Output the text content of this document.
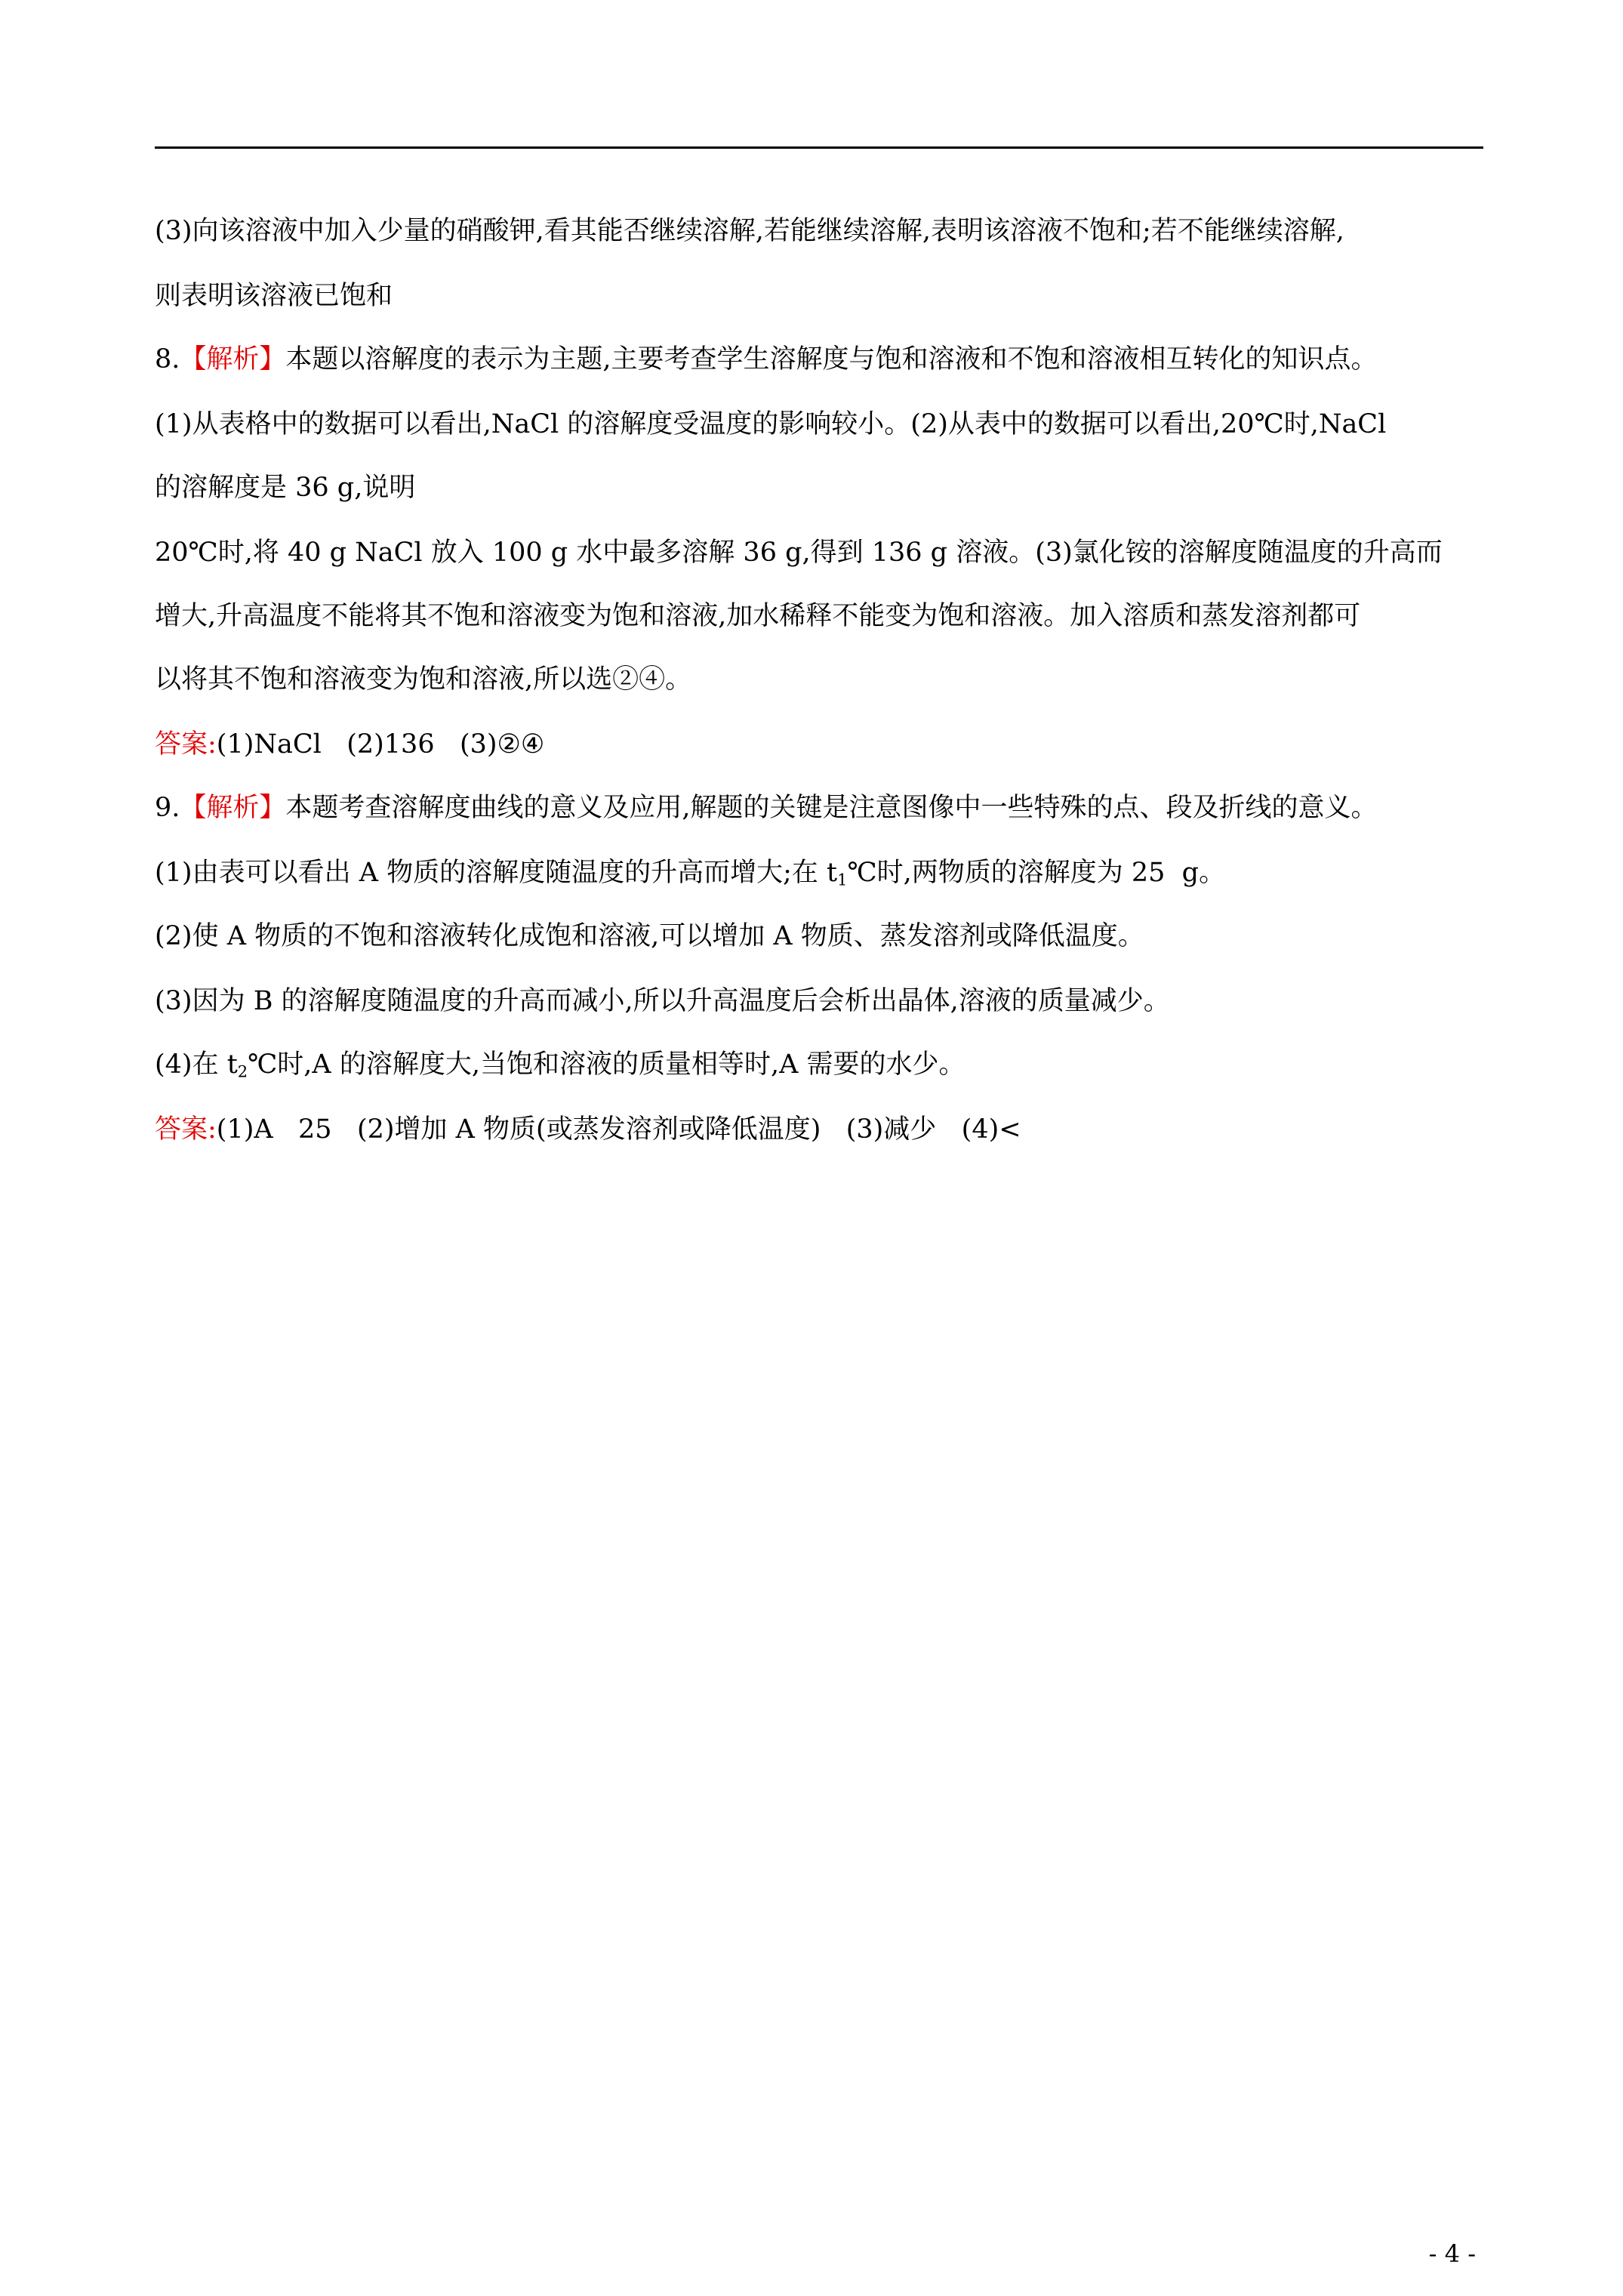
(3)向该溶液中加入少量的硝酸钾,看其能否继续溶解,若能继续溶解,表明该溶液不饱和;若不能继续溶解,
则表明该溶液已饱和
8.【解析】本题以溶解度的表示为主题,主要考查学生溶解度与饱和溶液和不饱和溶液相互转化的知识点。
(1)从表格中的数据可以看出,NaCl 的溶解度受温度的影响较小。(2)从表中的数据可以看出,20℃时,NaCl
的溶解度是 36 g,说明
20℃时,将 40 g NaCl 放入 100 g 水中最多溶解 36 g,得到 136 g 溶液。(3)氯化铵的溶解度随温度的升高而
增大,升高温度不能将其不饱和溶液变为饱和溶液,加水稀释不能变为饱和溶液。加入溶质和蒸发溶剂都可
以将其不饱和溶液变为饱和溶液,所以选②④。
答案:(1)NaCl   (2)136   (3)②④
9.【解析】本题考查溶解度曲线的意义及应用,解题的关键是注意图像中一些特殊的点、段及折线的意义。
(1)由表可以看出 A 物质的溶解度随温度的升高而增大;在 $t_1℃$时,两物质的溶解度为 25  g。
(2)使 A 物质的不饱和溶液转化成饱和溶液,可以增加 A 物质、蒸发溶剂或降低温度。
(3)因为 B 的溶解度随温度的升高而减小,所以升高温度后会析出晶体,溶液的质量减少。
(4)在 $t_2℃$时,A 的溶解度大,当饱和溶液的质量相等时,A 需要的水少。
答案:(1)A   25   (2)增加 A 物质(或蒸发溶剂或降低温度)   (3)减少   (4)<
- 4 -
